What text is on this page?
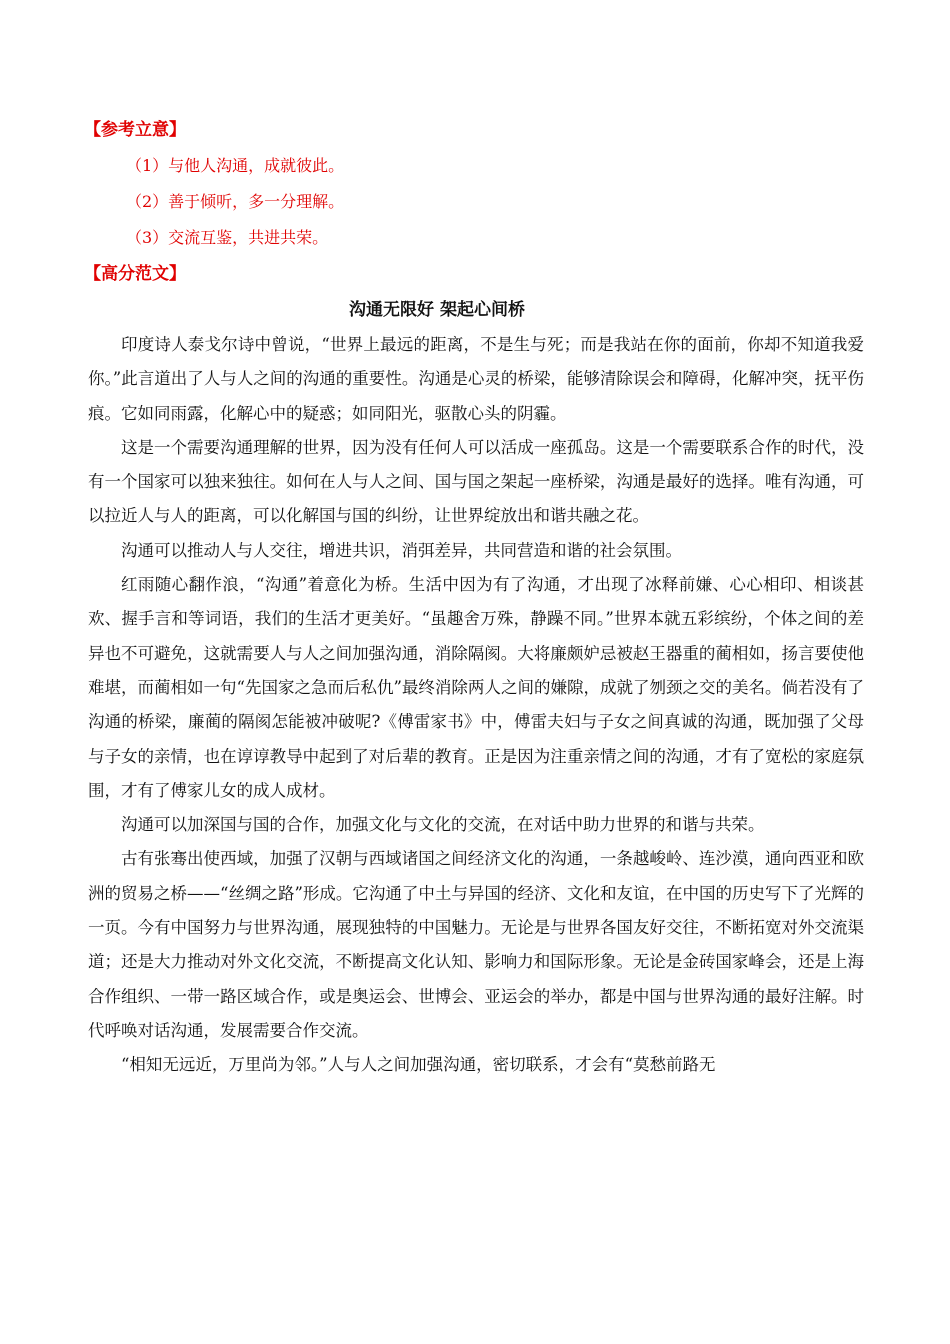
【参考立意】
（1）与他人沟通，成就彼此。
（2）善于倾听，多一分理解。
（3）交流互鉴，共进共荣。
【高分范文】
沟通无限好 架起心间桥

印度诗人泰戈尔诗中曾说，“世界上最远的距离，不是生与死；而是我站在你的面前，你却不知道我爱你。”此言道出了人与人之间的沟通的重要性。沟通是心灵的桥梁，能够清除误会和障碍，化解冲突，抚平伤痕。它如同雨露，化解心中的疑惑；如同阳光，驱散心头的阴霾。

这是一个需要沟通理解的世界，因为没有任何人可以活成一座孤岛。这是一个需要联系合作的时代，没有一个国家可以独来独往。如何在人与人之间、国与国之架起一座桥梁，沟通是最好的选择。唯有沟通，可以拉近人与人的距离，可以化解国与国的纠纷，让世界绽放出和谐共融之花。

沟通可以推动人与人交往，增进共识，消弭差异，共同营造和谐的社会氛围。

红雨随心翻作浪，“沟通”着意化为桥。生活中因为有了沟通，才出现了冰释前嫌、心心相印、相谈甚欢、握手言和等词语，我们的生活才更美好。“虽趣舍万殊，静躁不同。”世界本就五彩缤纷，个体之间的差异也不可避免，这就需要人与人之间加强沟通，消除隔阂。大将廉颇妒忌被赵王器重的蔺相如，扬言要使他难堪，而蔺相如一句“先国家之急而后私仇”最终消除两人之间的嫌隙，成就了刎颈之交的美名。倘若没有了沟通的桥梁，廉蔺的隔阂怎能被冲破呢?《傅雷家书》中，傅雷夫妇与子女之间真诚的沟通，既加强了父母与子女的亲情，也在谆谆教导中起到了对后辈的教育。正是因为注重亲情之间的沟通，才有了宽松的家庭氛围，才有了傅家儿女的成人成材。

沟通可以加深国与国的合作，加强文化与文化的交流，在对话中助力世界的和谐与共荣。

古有张骞出使西域，加强了汉朝与西域诸国之间经济文化的沟通，一条越峻岭、连沙漠，通向西亚和欧洲的贸易之桥——“丝绸之路”形成。它沟通了中土与异国的经济、文化和友谊，在中国的历史写下了光辉的一页。今有中国努力与世界沟通，展现独特的中国魅力。无论是与世界各国友好交往，不断拓宽对外交流渠道；还是大力推动对外文化交流，不断提高文化认知、影响力和国际形象。无论是金砖国家峰会，还是上海合作组织、一带一路区域合作，或是奥运会、世博会、亚运会的举办，都是中国与世界沟通的最好注解。时代呼唤对话沟通，发展需要合作交流。

“相知无远近，万里尚为邻。”人与人之间加强沟通，密切联系，才会有“莫愁前路无
